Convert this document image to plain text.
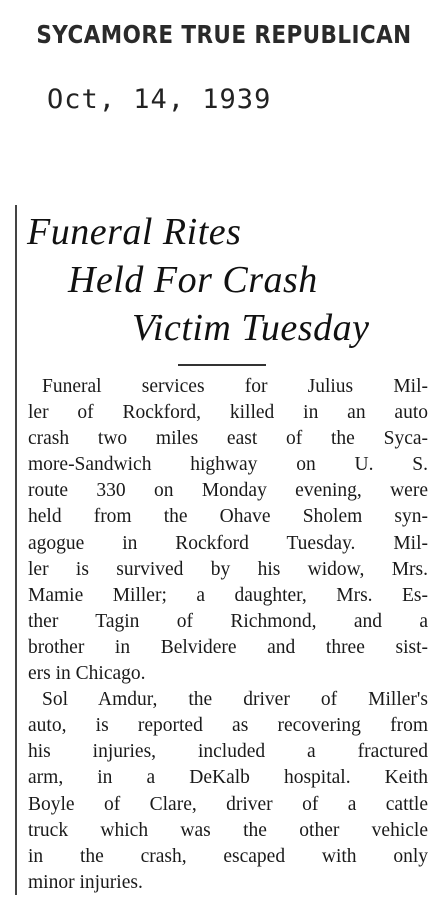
SYCAMORE TRUE REPUBLICAN
Oct, 14, 1939
Funeral Rites
Held For Crash
Victim Tuesday
Funeral services for Julius Mil-
ler of Rockford, killed in an auto
crash two miles east of the Syca-
more-Sandwich highway on U. S.
route 330 on Monday evening, were
held from the Ohave Sholem syn-
agogue in Rockford Tuesday. Mil-
ler is survived by his widow, Mrs.
Mamie Miller; a daughter, Mrs. Es-
ther Tagin of Richmond, and a
brother in Belvidere and three sist-
ers in Chicago.
Sol Amdur, the driver of Miller's
auto, is reported as recovering from
his injuries, included a fractured
arm, in a DeKalb hospital. Keith
Boyle of Clare, driver of a cattle
truck which was the other vehicle
in the crash, escaped with only
minor injuries.
